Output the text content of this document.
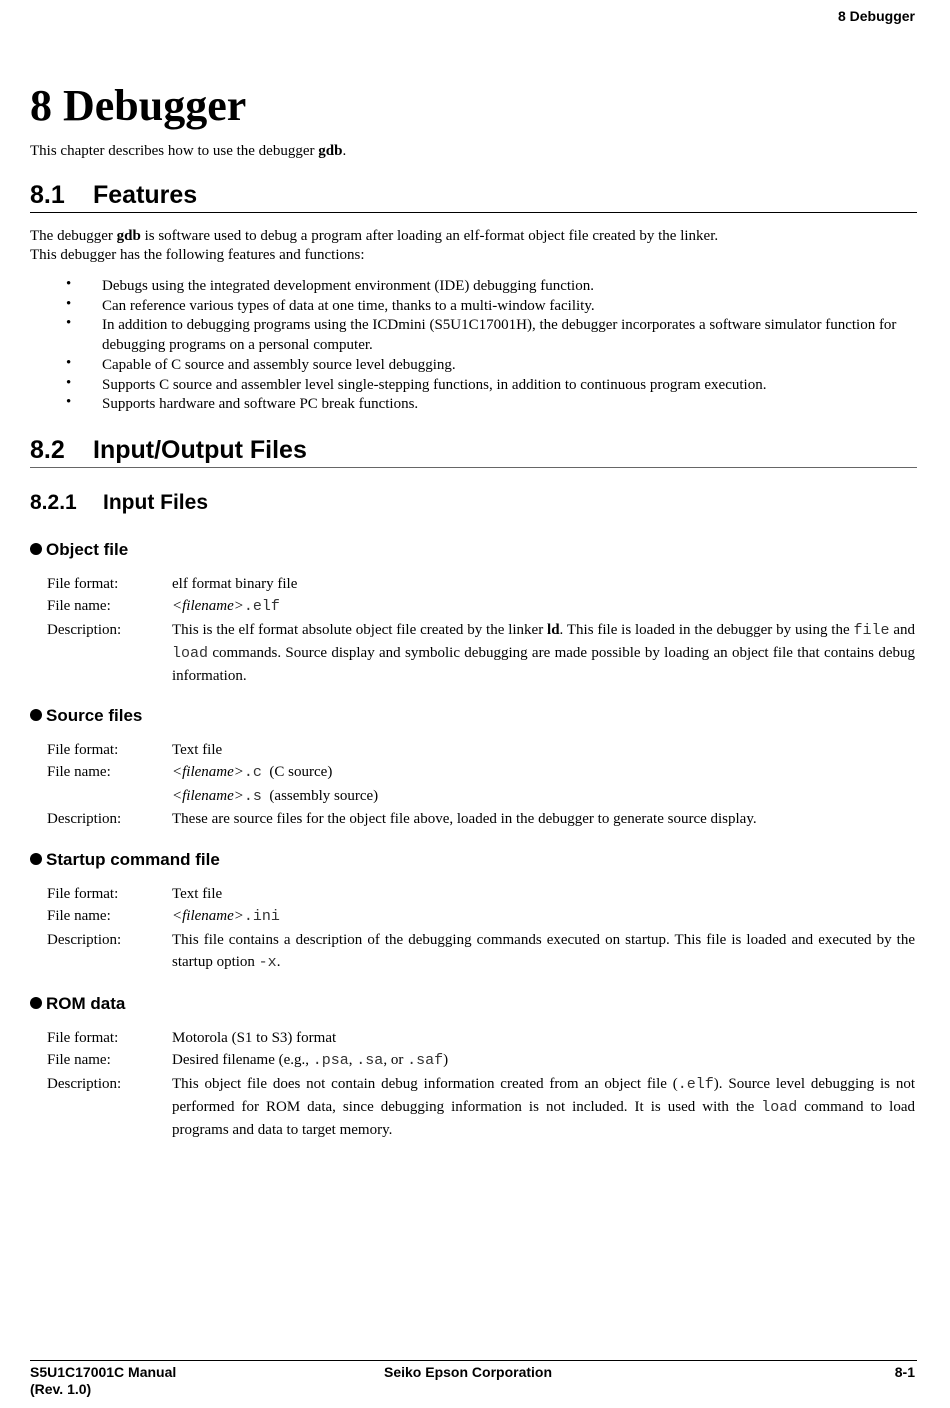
8 Debugger
8 Debugger
This chapter describes how to use the debugger gdb.
8.1 Features
The debugger gdb is software used to debug a program after loading an elf-format object file created by the linker.
This debugger has the following features and functions:
• Debugs using the integrated development environment (IDE) debugging function.
• Can reference various types of data at one time, thanks to a multi-window facility.
• In addition to debugging programs using the ICDmini (S5U1C17001H), the debugger incorporates a software simulator function for debugging programs on a personal computer.
• Capable of C source and assembly source level debugging.
• Supports C source and assembler level single-stepping functions, in addition to continuous program execution.
• Supports hardware and software PC break functions.
8.2 Input/Output Files
8.2.1 Input Files
Object file
File format:	elf format binary file
File name:	<filename>.elf
Description:	This is the elf format absolute object file created by the linker ld. This file is loaded in the debugger by using the file and load commands. Source display and symbolic debugging are made possible by loading an object file that contains debug information.
Source files
File format:	Text file
File name:	<filename>.c  (C source)
<filename>.s  (assembly source)
Description:	These are source files for the object file above, loaded in the debugger to generate source display.
Startup command file
File format:	Text file
File name:	<filename>.ini
Description:	This file contains a description of the debugging commands executed on startup. This file is loaded and executed by the startup option -x.
ROM data
File format:	Motorola (S1 to S3) format
File name:	Desired filename (e.g., .psa, .sa, or .saf)
Description:	This object file does not contain debug information created from an object file (.elf). Source level debugging is not performed for ROM data, since debugging information is not included. It is used with the load command to load programs and data to target memory.
S5U1C17001C Manual
(Rev. 1.0)
Seiko Epson Corporation	8-1
